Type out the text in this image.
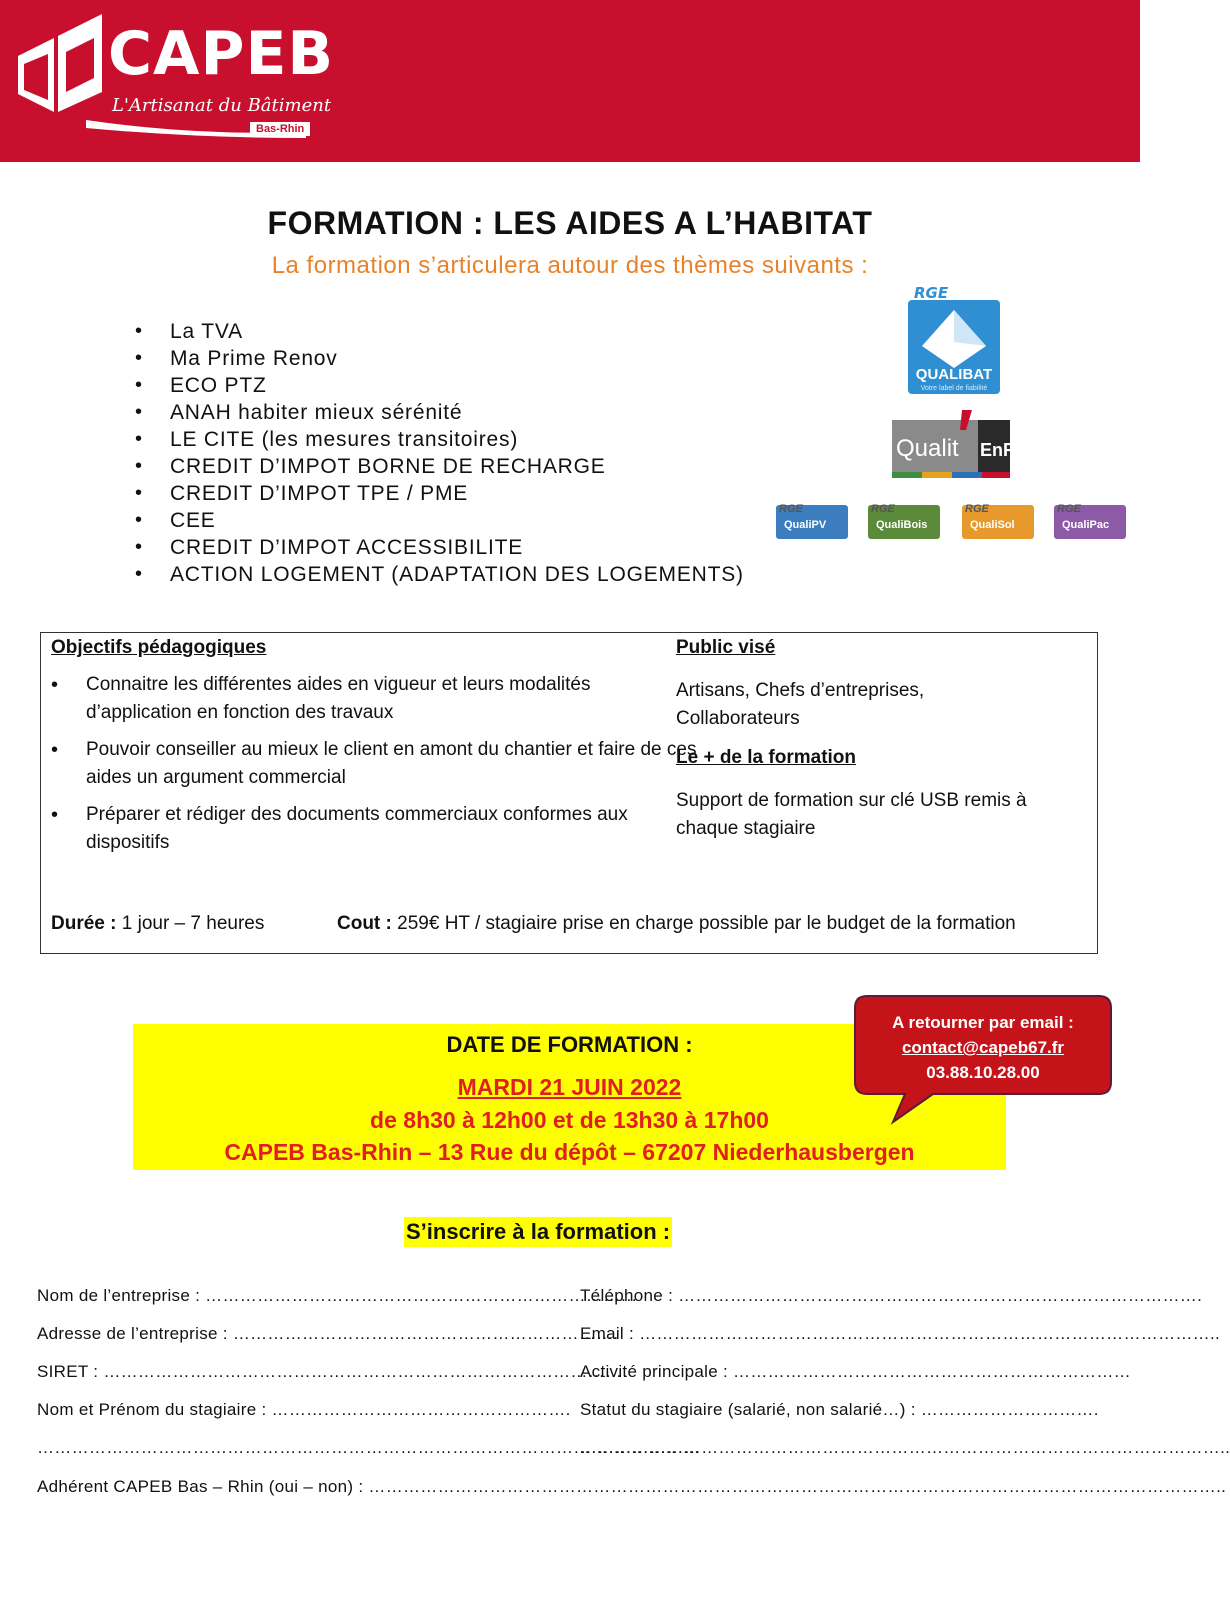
CAPEB
L'Artisanat du Bâtiment
Bas-Rhin
FORMATION : LES AIDES A L’HABITAT
La formation s’articulera autour des thèmes suivants :
• La TVA
• Ma Prime Renov
• ECO PTZ
• ANAH habiter mieux sérénité
• LE CITE (les mesures transitoires)
• CREDIT D’IMPOT BORNE DE RECHARGE
• CREDIT D’IMPOT TPE / PME
• CEE
• CREDIT D’IMPOT ACCESSIBILITE
• ACTION LOGEMENT (ADAPTATION DES LOGEMENTS)
RGE
QUALIBAT
Votre label de fiabilité
Qualit EnR
RGE
QualiPV
RGE
QualiBois
RGE
QualiSol
RGE
QualiPac
Objectifs pédagogiques
• Connaitre les différentes aides en vigueur et leurs modalités d’application en fonction des travaux
• Pouvoir conseiller au mieux le client en amont du chantier et faire de ces aides un argument commercial
• Préparer et rédiger des documents commerciaux conformes aux dispositifs
Public visé
Artisans, Chefs d’entreprises, Collaborateurs
Le + de la formation
Support de formation sur clé USB remis à chaque stagiaire
Durée : 1 jour – 7 heures	Cout : 259€ HT / stagiaire prise en charge possible par le budget de la formation
DATE DE FORMATION :
MARDI 21 JUIN 2022
de 8h30 à 12h00 et de 13h30 à 17h00
CAPEB Bas-Rhin – 13 Rue du dépôt – 67207 Niederhausbergen
A retourner par email :
contact@capeb67.fr
03.88.10.28.00
S’inscrire à la formation :
Nom de l’entreprise : …………………………………………………………………
Téléphone : ……………………………………………………………………………….
Adresse de l’entreprise : ………………………………………………………….
Email : ………………………………………………………………………………………..
SIRET : ……………………………………………………………………………….
Activité principale : ……………………………………………………………
Nom et Prénom du stagiaire : ……………………………………………. Statut du stagiaire (salarié, non salarié…) : ………………………….
…………………………………………………………………………………………………….
…………………………………………………………………………………………………..
Adhérent CAPEB Bas – Rhin (oui – non) : …………………………………………………………………………………………………………………………………..
